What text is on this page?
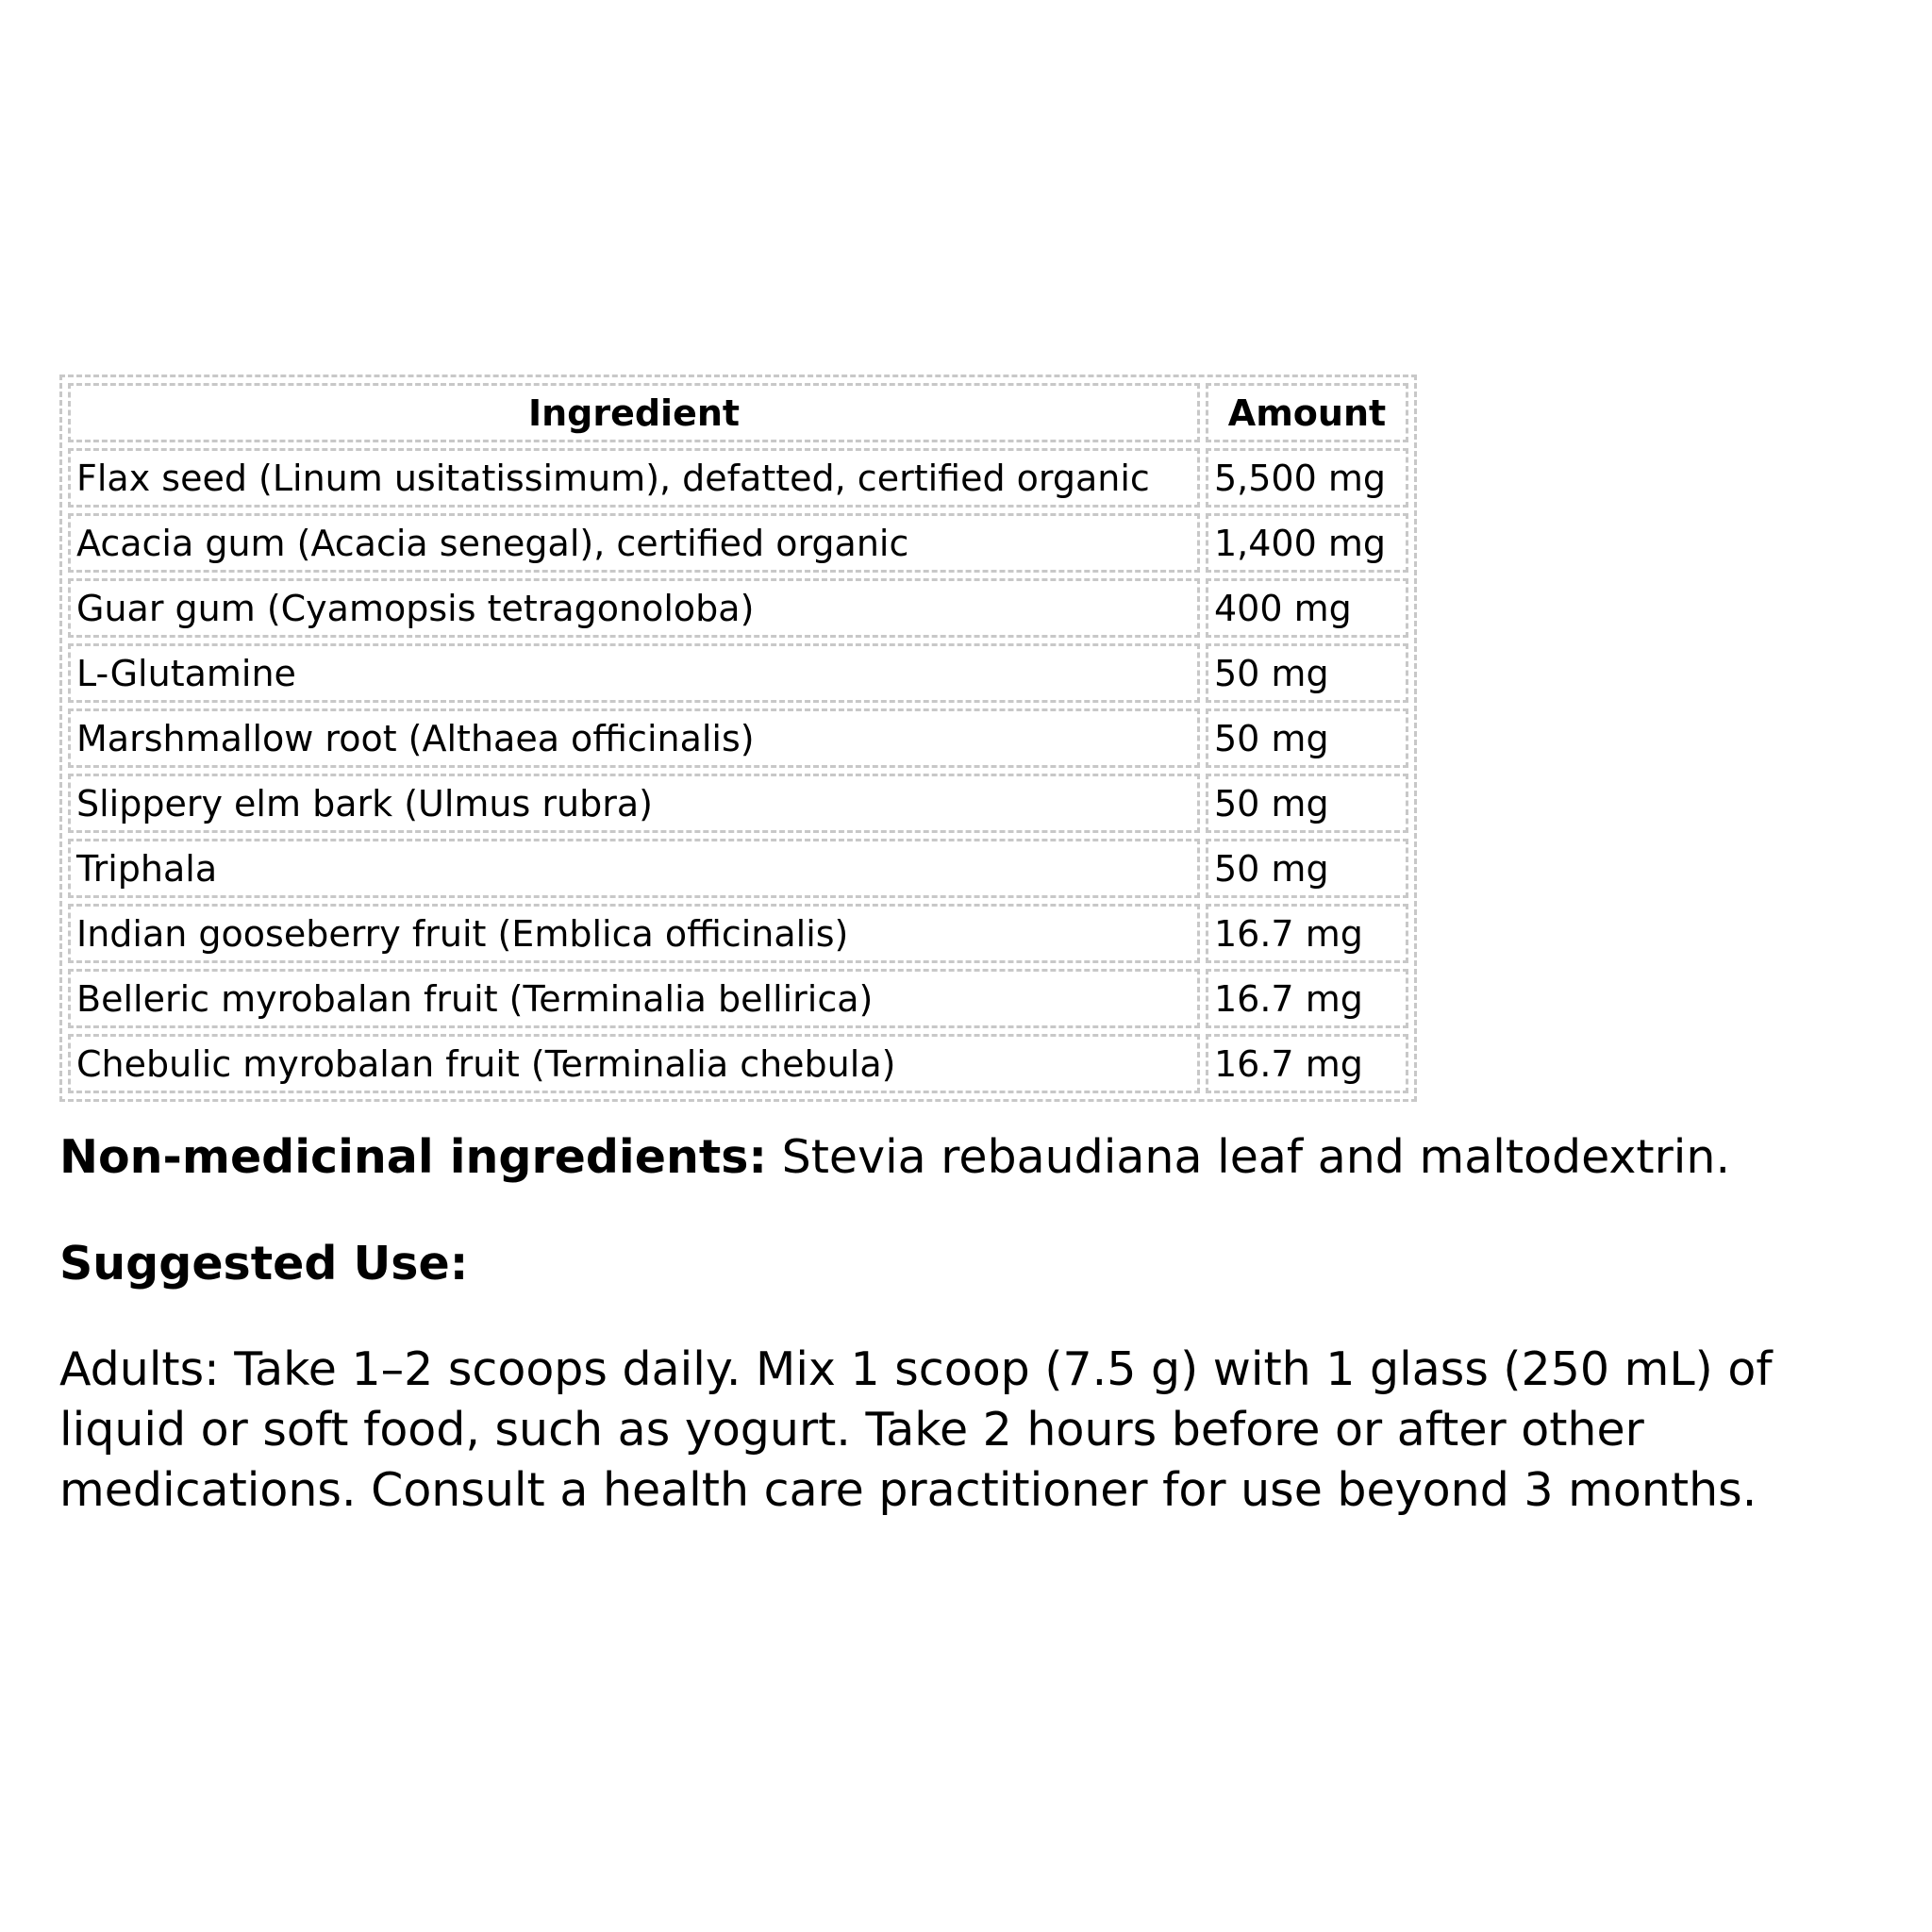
Ingredient	Amount
Flax seed (Linum usitatissimum), defatted, certified organic	5,500 mg
Acacia gum (Acacia senegal), certified organic	1,400 mg
Guar gum (Cyamopsis tetragonoloba)	400 mg
L-Glutamine	50 mg
Marshmallow root (Althaea officinalis)	50 mg
Slippery elm bark (Ulmus rubra)	50 mg
Triphala	50 mg
Indian gooseberry fruit (Emblica officinalis)	16.7 mg
Belleric myrobalan fruit (Terminalia bellirica)	16.7 mg
Chebulic myrobalan fruit (Terminalia chebula)	16.7 mg

Non-medicinal ingredients: Stevia rebaudiana leaf and maltodextrin.

Suggested Use:

Adults: Take 1–2 scoops daily. Mix 1 scoop (7.5 g) with 1 glass (250 mL) of liquid or soft food, such as yogurt. Take 2 hours before or after other medications. Consult a health care practitioner for use beyond 3 months.
